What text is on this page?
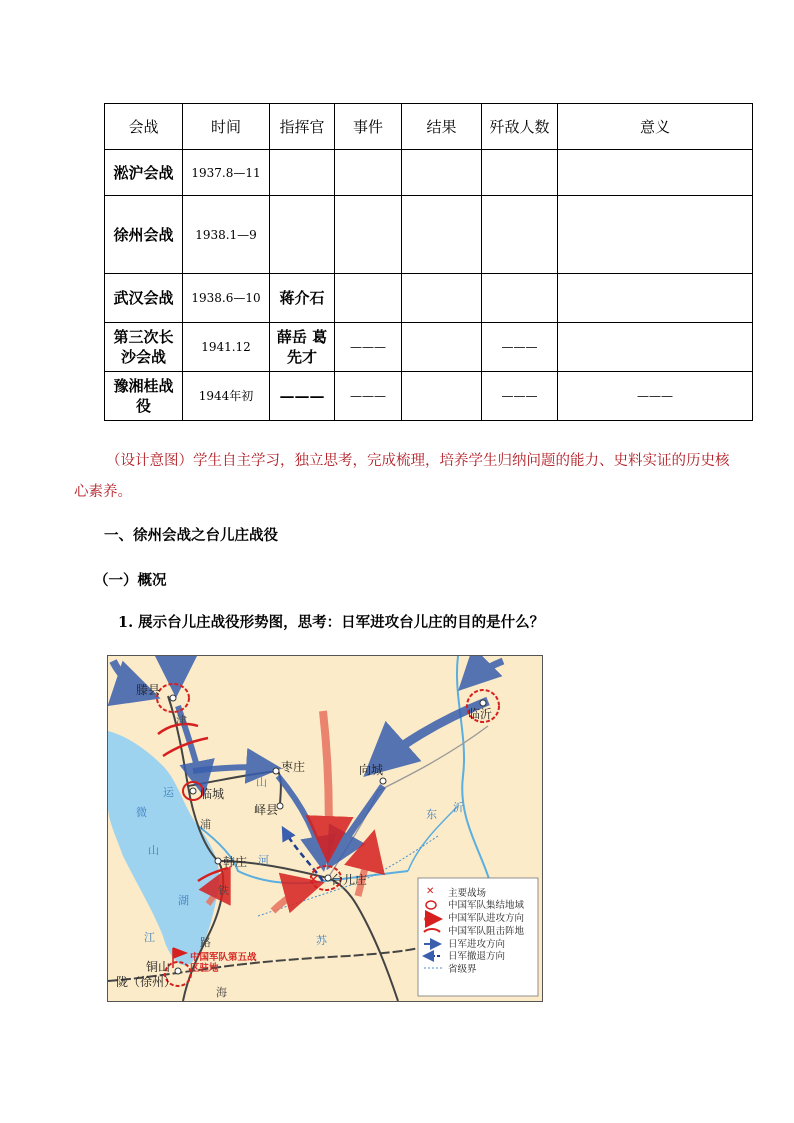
会战	时间	指挥官	事件	结果	歼敌人数	意义
淞沪会战	1937.8—11					
徐州会战	1938.1—9					
武汉会战	1938.6—10	蒋介石				
第三次长沙会战	1941.12	薛岳 葛先才	———		———	
豫湘桂战役	1944年初	———	———		———	———

（设计意图）学生自主学习，独立思考，完成梳理，培养学生归纳问题的能力、史料实证的历史核心素养。

一、徐州会战之台儿庄战役
（一）概况
1. 展示台儿庄战役形势图，思考：日军进攻台儿庄的目的是什么？
✕
滕县
临沂
枣庄	向城
临城
峄县
韩庄
台儿庄
铜山
陇（徐州）
中国军队第五战区驻地
津
浦
铁
路
运
河
微
山
湖
江	苏
东
沂
海
山
✕ 主要战场
中国军队集结地域
中国军队进攻方向
中国军队阻击阵地
日军进攻方向
日军撤退方向
省级界
